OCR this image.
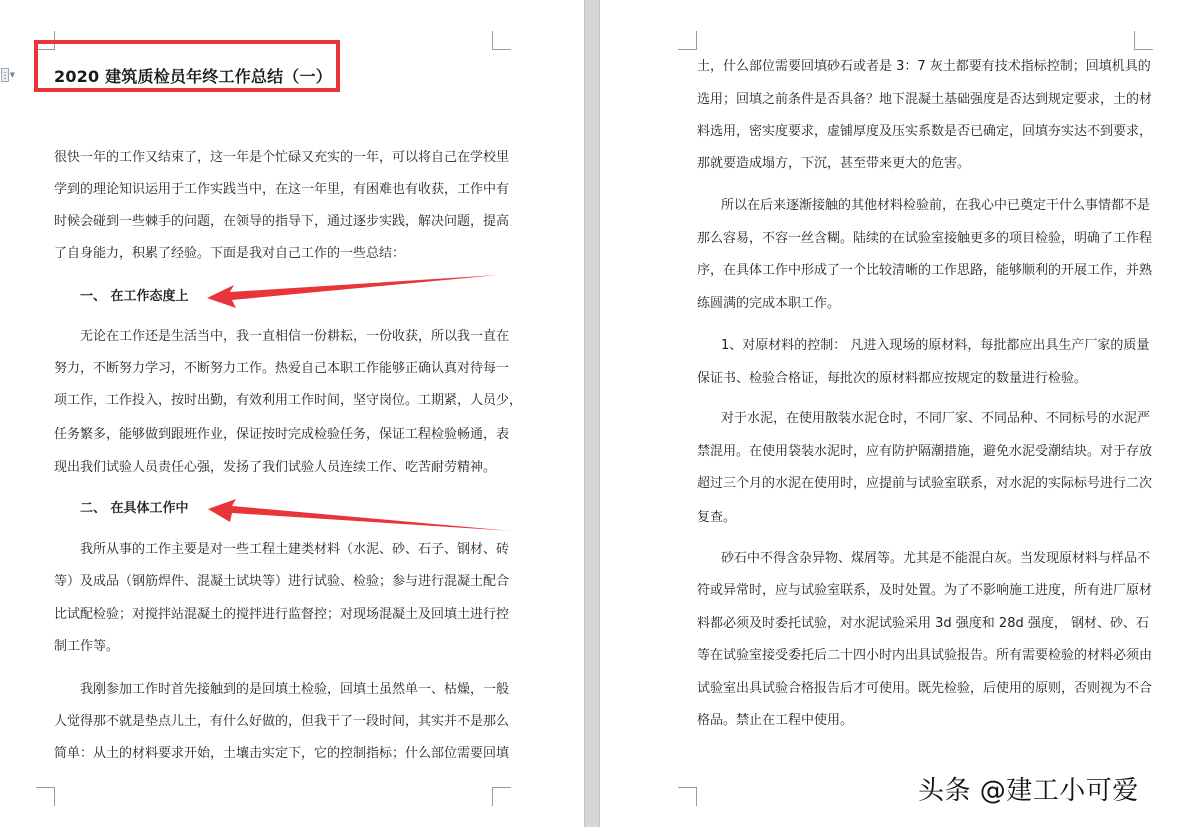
▼ 2020 建筑质检员年终工作总结（一）
很快一年的工作又结束了，这一年是个忙碌又充实的一年，可以将自己在学校里
学到的理论知识运用于工作实践当中，在这一年里，有困难也有收获，工作中有
时候会碰到一些棘手的问题，在领导的指导下，通过逐步实践，解决问题，提高
了自身能力，积累了经验。下面是我对自己工作的一些总结：
一、 在工作态度上
无论在工作还是生活当中，我一直相信一份耕耘，一份收获，所以我一直在
努力，不断努力学习，不断努力工作。热爱自己本职工作能够正确认真对待每一
项工作，工作投入，按时出勤，有效利用工作时间，坚守岗位。工期紧，人员少，
任务繁多，能够做到跟班作业，保证按时完成检验任务，保证工程检验畅通，表
现出我们试验人员责任心强，发扬了我们试验人员连续工作、吃苦耐劳精神。
二、 在具体工作中
我所从事的工作主要是对一些工程土建类材料（水泥、砂、石子、钢材、砖
等）及成品（钢筋焊件、混凝土试块等）进行试验、检验；参与进行混凝土配合
比试配检验；对搅拌站混凝土的搅拌进行监督控；对现场混凝土及回填土进行控
制工作等。
我刚参加工作时首先接触到的是回填土检验，回填土虽然单一、枯燥，一般
人觉得那不就是垫点儿土，有什么好做的，但我干了一段时间，其实并不是那么
简单：从土的材料要求开始，土壤击实定下，它的控制指标；什么部位需要回填
土，什么部位需要回填砂石或者是 3：7 灰土都要有技术指标控制；回填机具的
选用；回填之前条件是否具备？地下混凝土基础强度是否达到规定要求，土的材
料选用，密实度要求，虚铺厚度及压实系数是否已确定，回填夯实达不到要求，
那就要造成塌方，下沉，甚至带来更大的危害。
所以在后来逐渐接触的其他材料检验前，在我心中已奠定干什么事情都不是
那么容易，不容一丝含糊。陆续的在试验室接触更多的项目检验，明确了工作程
序，在具体工作中形成了一个比较清晰的工作思路，能够顺利的开展工作，并熟
练圆满的完成本职工作。
1、对原材料的控制： 凡进入现场的原材料，每批都应出具生产厂家的质量
保证书、检验合格证，每批次的原材料都应按规定的数量进行检验。
对于水泥，在使用散装水泥仓时，不同厂家、不同品种、不同标号的水泥严
禁混用。在使用袋装水泥时，应有防护隔潮措施，避免水泥受潮结块。对于存放
超过三个月的水泥在使用时，应提前与试验室联系，对水泥的实际标号进行二次
复查。
砂石中不得含杂异物、煤屑等。尤其是不能混白灰。当发现原材料与样品不
符或异常时，应与试验室联系，及时处置。为了不影响施工进度，所有进厂原材
料都必须及时委托试验，对水泥试验采用 3d 强度和 28d 强度， 钢材、砂、石
等在试验室接受委托后二十四小时内出具试验报告。所有需要检验的材料必须由
试验室出具试验合格报告后才可使用。既先检验，后使用的原则，否则视为不合
格品。禁止在工程中使用。
头条 @建工小可爱
